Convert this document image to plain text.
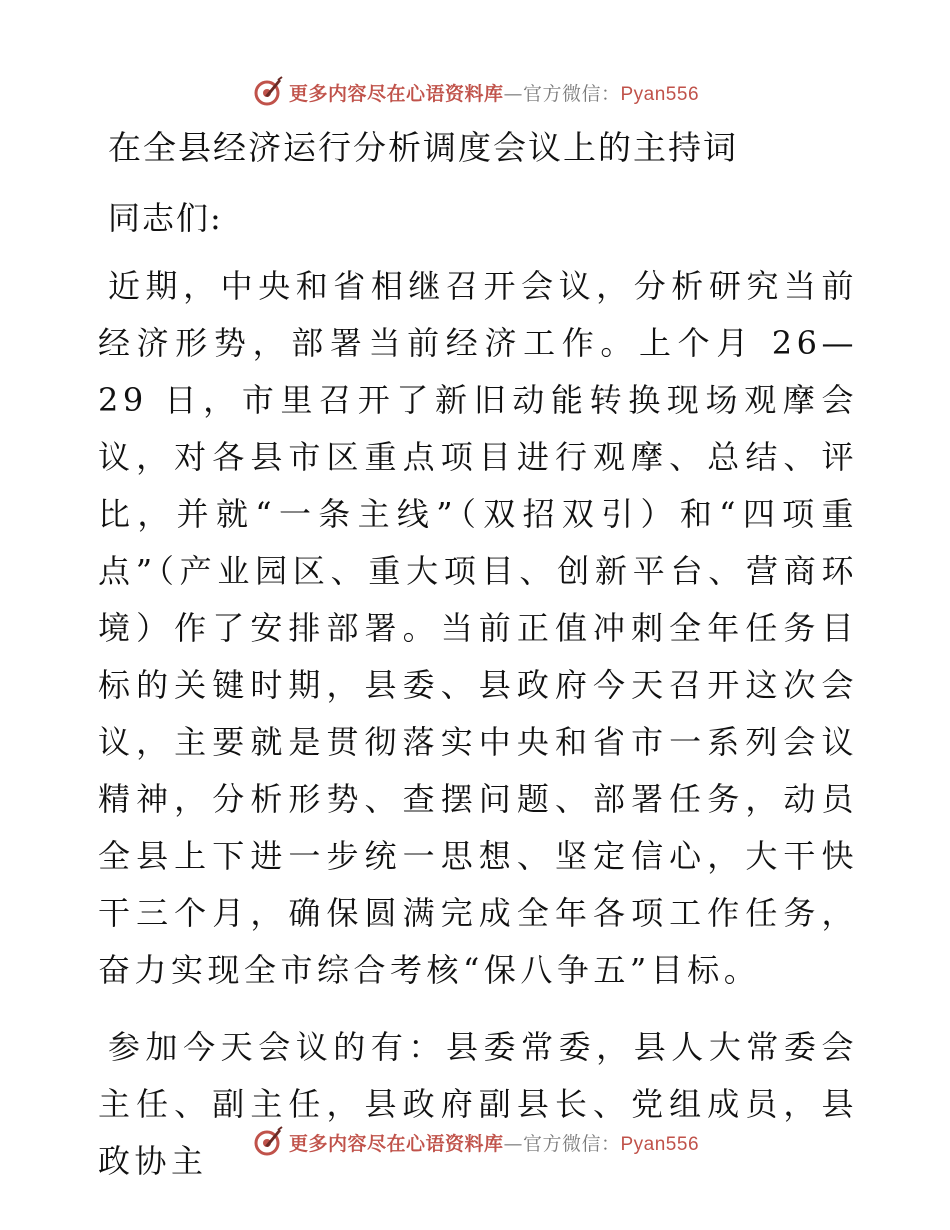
更多内容尽在心语资料库—官方微信：Pyan556
在全县经济运行分析调度会议上的主持词

同志们:

近期，中央和省相继召开会议，分析研究当前经济形势，部署当前经济工作。上个月 26—29 日，市里召开了新旧动能转换现场观摩会议，对各县市区重点项目进行观摩、总结、评比，并就“一条主线”（双招双引）和“四项重点”（产业园区、重大项目、创新平台、营商环境）作了安排部署。当前正值冲刺全年任务目标的关键时期，县委、县政府今天召开这次会议，主要就是贯彻落实中央和省市一系列会议精神，分析形势、查摆问题、部署任务，动员全县上下进一步统一思想、坚定信心，大干快干三个月，确保圆满完成全年各项工作任务，奋力实现全市综合考核“保八争五”目标。

参加今天会议的有：县委常委，县人大常委会主任、副主任，县政府副县长、党组成员，县政协主	更多内容尽在心语资料库—官方微信：Pyan556
